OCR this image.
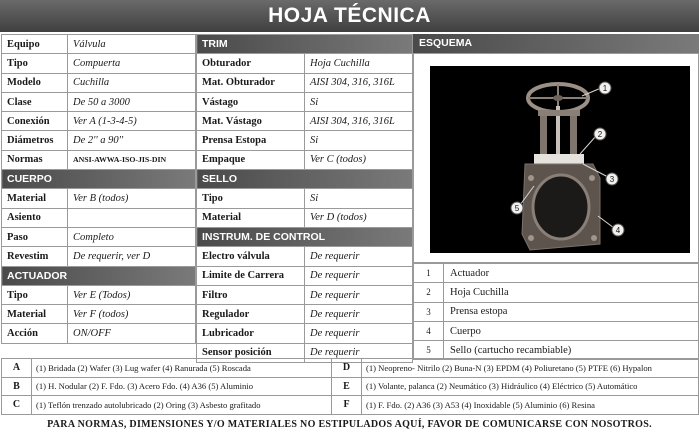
HOJA TÉCNICA
Equipo	Válvula
Tipo	Compuerta
Modelo	Cuchilla
Clase	De 50 a 3000
Conexión	Ver A (1-3-4-5)
Diámetros	De 2'' a 90''
Normas	ANSI-AWWA-ISO-JIS-DIN
CUERPO	
Material	Ver B (todos)
Asiento	
Paso	Completo
Revestim	De requerir, ver D
ACTUADOR	
Tipo	Ver E (Todos)
Material	Ver F (todos)
Acción	ON/OFF
TRIM	
Obturador	Hoja Cuchilla
Mat. Obturador	AISI 304, 316, 316L
Vástago	Si
Mat. Vástago	AISI 304, 316, 316L
Prensa Estopa	Si
Empaque	Ver C (todos)
SELLO	
Tipo	Si
Material	Ver D (todos)
INSTRUM. DE CONTROL	
Electro válvula	De requerir
Limite de Carrera	De requerir
Filtro	De requerir
Regulador	De requerir
Lubricador	De requerir
Sensor posición	De requerir
ESQUEMA
1
2
3
4
5
1	Actuador
2	Hoja Cuchilla
3	Prensa estopa
4	Cuerpo
5	Sello (cartucho recambiable)
A	(1) Bridada (2) Wafer (3) Lug wafer (4) Ranurada (5) Roscada	D	(1) Neopreno- Nitrilo (2) Buna-N (3) EPDM (4) Poliuretano (5) PTFE (6) Hypalon
B	(1) H. Nodular (2) F. Fdo. (3) Acero Fdo. (4) A36 (5) Aluminio	E	(1) Volante, palanca (2) Neumático (3) Hidráulico (4) Eléctrico (5) Automático
C	(1) Teflón trenzado autolubricado (2) Oring (3) Asbesto grafitado	F	(1) F. Fdo. (2) A36 (3) A53 (4) Inoxidable (5) Aluminio (6) Resina
PARA NORMAS, DIMENSIONES Y/O MATERIALES NO ESTIPULADOS AQUÍ, FAVOR DE COMUNICARSE CON NOSOTROS.
